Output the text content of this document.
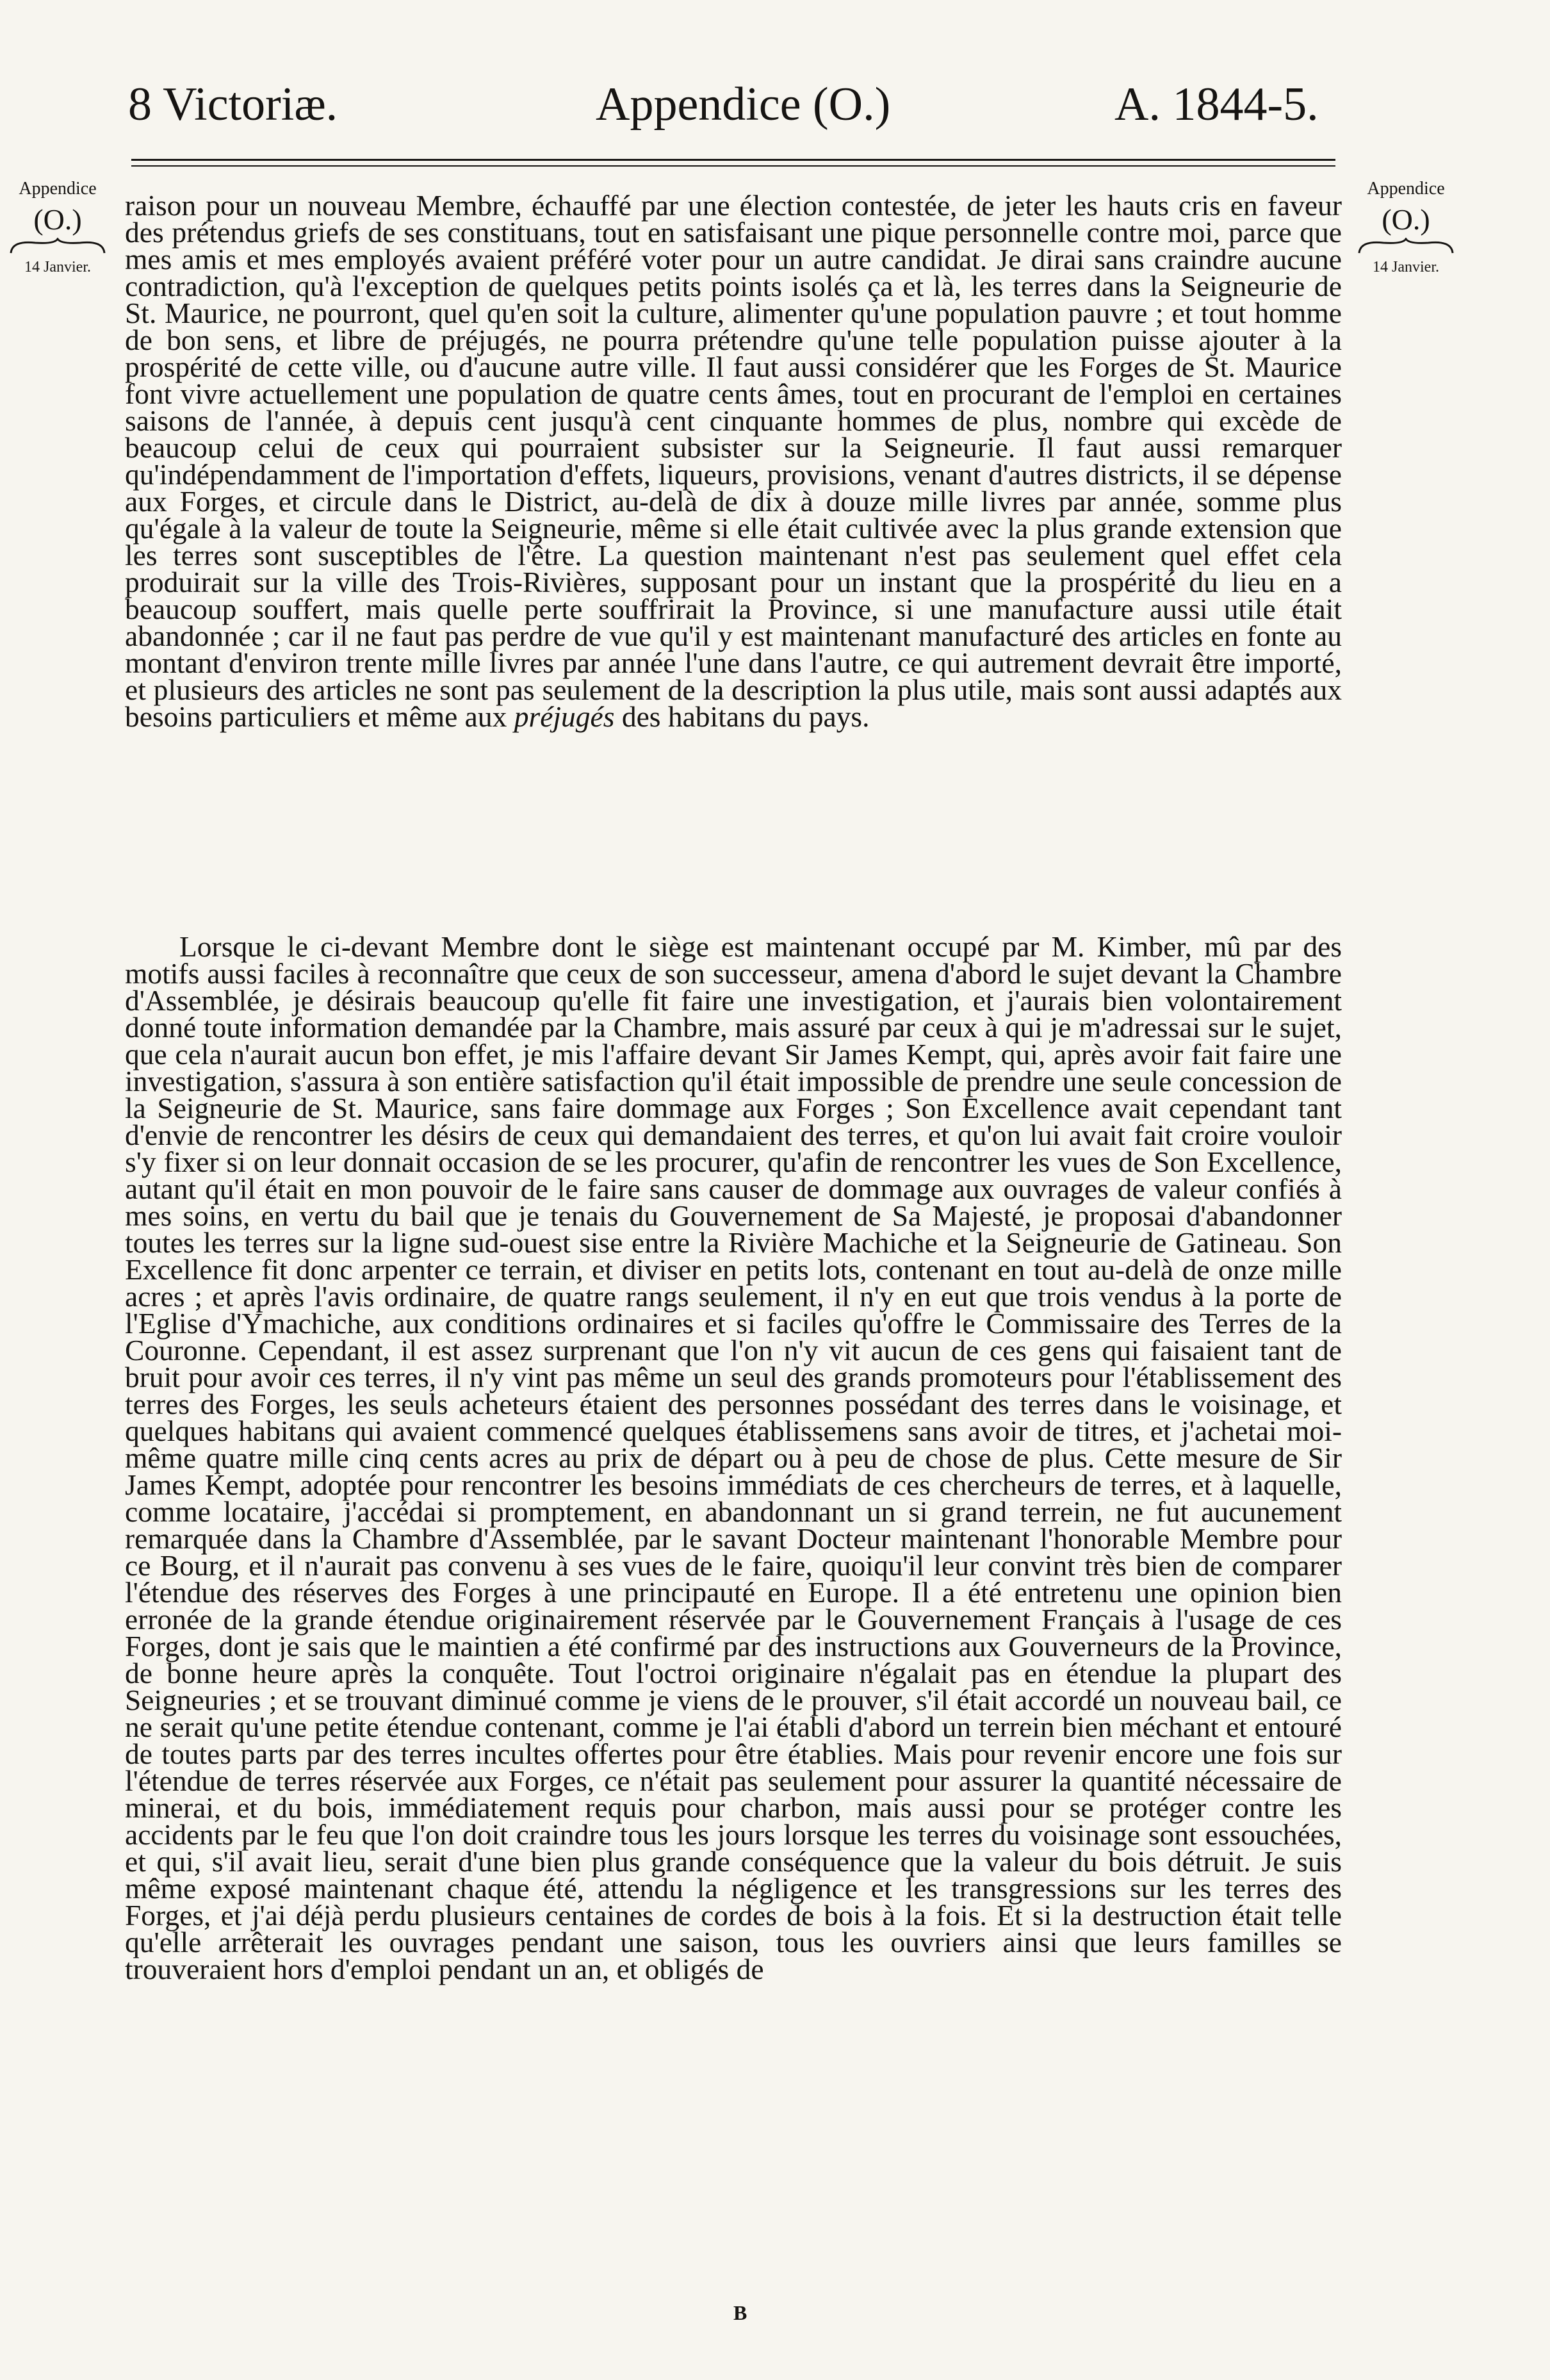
8 Victoriæ.	Appendice (O.)	A. 1844-5.
Appendice
(O.)
14 Janvier.
Appendice
(O.)
14 Janvier.

raison pour un nouveau Membre, échauffé par une élection contestée, de jeter les hauts cris en faveur des prétendus griefs de ses constituans, tout en satisfaisant une pique personnelle contre moi, parce que mes amis et mes employés avaient préféré voter pour un autre candidat. Je dirai sans craindre aucune contradiction, qu'à l'exception de quelques petits points isolés ça et là, les terres dans la Seigneurie de St. Maurice, ne pourront, quel qu'en soit la culture, alimenter qu'une population pauvre ; et tout homme de bon sens, et libre de préjugés, ne pourra prétendre qu'une telle population puisse ajouter à la prospérité de cette ville, ou d'aucune autre ville. Il faut aussi considérer que les Forges de St. Maurice font vivre actuellement une population de quatre cents âmes, tout en procurant de l'emploi en certaines saisons de l'année, à depuis cent jusqu'à cent cinquante hommes de plus, nombre qui excède de beaucoup celui de ceux qui pourraient subsister sur la Seigneurie. Il faut aussi remarquer qu'indépendamment de l'importation d'effets, liqueurs, provisions, venant d'autres districts, il se dépense aux Forges, et circule dans le District, au-delà de dix à douze mille livres par année, somme plus qu'égale à la valeur de toute la Seigneurie, même si elle était cultivée avec la plus grande extension que les terres sont susceptibles de l'être. La question maintenant n'est pas seulement quel effet cela produirait sur la ville des Trois-Rivières, supposant pour un instant que la prospérité du lieu en a beaucoup souffert, mais quelle perte souffrirait la Province, si une manufacture aussi utile était abandonnée ; car il ne faut pas perdre de vue qu'il y est maintenant manufacturé des articles en fonte au montant d'environ trente mille livres par année l'une dans l'autre, ce qui autrement devrait être importé, et plusieurs des articles ne sont pas seulement de la description la plus utile, mais sont aussi adaptés aux besoins particuliers et même aux préjugés des habitans du pays.

Lorsque le ci-devant Membre dont le siège est maintenant occupé par M. Kimber, mû par des motifs aussi faciles à reconnaître que ceux de son successeur, amena d'abord le sujet devant la Chambre d'Assemblée, je désirais beaucoup qu'elle fit faire une investigation, et j'aurais bien volontairement donné toute information demandée par la Chambre, mais assuré par ceux à qui je m'adressai sur le sujet, que cela n'aurait aucun bon effet, je mis l'affaire devant Sir James Kempt, qui, après avoir fait faire une investigation, s'assura à son entière satisfaction qu'il était impossible de prendre une seule concession de la Seigneurie de St. Maurice, sans faire dommage aux Forges ; Son Excellence avait cependant tant d'envie de rencontrer les désirs de ceux qui demandaient des terres, et qu'on lui avait fait croire vouloir s'y fixer si on leur donnait occasion de se les procurer, qu'afin de rencontrer les vues de Son Excellence, autant qu'il était en mon pouvoir de le faire sans causer de dommage aux ouvrages de valeur confiés à mes soins, en vertu du bail que je tenais du Gouvernement de Sa Majesté, je proposai d'abandonner toutes les terres sur la ligne sud-ouest sise entre la Rivière Machiche et la Seigneurie de Gatineau. Son Excellence fit donc arpenter ce terrain, et diviser en petits lots, contenant en tout au-delà de onze mille acres ; et après l'avis ordinaire, de quatre rangs seulement, il n'y en eut que trois vendus à la porte de l'Eglise d'Ymachiche, aux conditions ordinaires et si faciles qu'offre le Commissaire des Terres de la Couronne. Cependant, il est assez surprenant que l'on n'y vit aucun de ces gens qui faisaient tant de bruit pour avoir ces terres, il n'y vint pas même un seul des grands promoteurs pour l'établissement des terres des Forges, les seuls acheteurs étaient des personnes possédant des terres dans le voisinage, et quelques habitans qui avaient commencé quelques établissemens sans avoir de titres, et j'achetai moi-même quatre mille cinq cents acres au prix de départ ou à peu de chose de plus. Cette mesure de Sir James Kempt, adoptée pour rencontrer les besoins immédiats de ces chercheurs de terres, et à laquelle, comme locataire, j'accédai si promptement, en abandonnant un si grand terrein, ne fut aucunement remarquée dans la Chambre d'Assemblée, par le savant Docteur maintenant l'honorable Membre pour ce Bourg, et il n'aurait pas convenu à ses vues de le faire, quoiqu'il leur convint très bien de comparer l'étendue des réserves des Forges à une principauté en Europe. Il a été entretenu une opinion bien erronée de la grande étendue originairement réservée par le Gouvernement Français à l'usage de ces Forges, dont je sais que le maintien a été confirmé par des instructions aux Gouverneurs de la Province, de bonne heure après la conquête. Tout l'octroi originaire n'égalait pas en étendue la plupart des Seigneuries ; et se trouvant diminué comme je viens de le prouver, s'il était accordé un nouveau bail, ce ne serait qu'une petite étendue contenant, comme je l'ai établi d'abord un terrein bien méchant et entouré de toutes parts par des terres incultes offertes pour être établies. Mais pour revenir encore une fois sur l'étendue de terres réservée aux Forges, ce n'était pas seulement pour assurer la quantité nécessaire de minerai, et du bois, immédiatement requis pour charbon, mais aussi pour se protéger contre les accidents par le feu que l'on doit craindre tous les jours lorsque les terres du voisinage sont essouchées, et qui, s'il avait lieu, serait d'une bien plus grande conséquence que la valeur du bois détruit. Je suis même exposé maintenant chaque été, attendu la négligence et les transgressions sur les terres des Forges, et j'ai déjà perdu plusieurs centaines de cordes de bois à la fois. Et si la destruction était telle qu'elle arrêterait les ouvrages pendant une saison, tous les ouvriers ainsi que leurs familles se trouveraient hors d'emploi pendant un an, et obligés de

B
